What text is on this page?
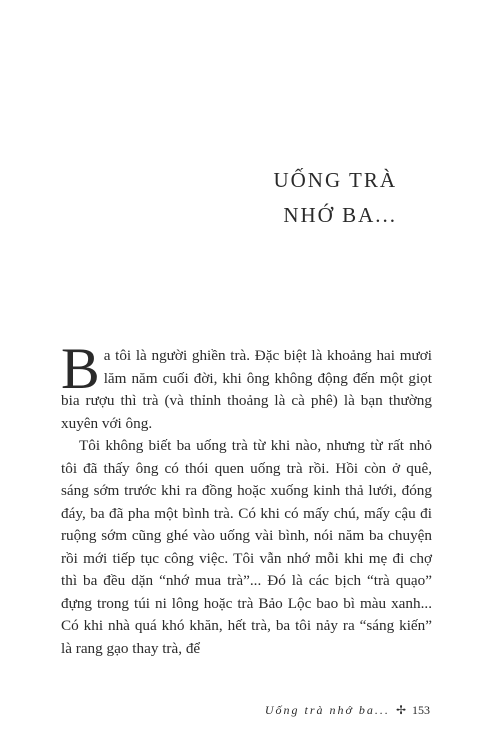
UỐNG TRÀ
NHỚ BA...

Ba tôi là người ghiền trà. Đặc biệt là khoảng hai mươi lăm năm cuối đời, khi ông không động đến một giọt bia rượu thì trà (và thỉnh thoảng là cà phê) là bạn thường xuyên với ông.

Tôi không biết ba uống trà từ khi nào, nhưng từ rất nhỏ tôi đã thấy ông có thói quen uống trà rồi. Hồi còn ở quê, sáng sớm trước khi ra đồng hoặc xuống kinh thả lưới, đóng đáy, ba đã pha một bình trà. Có khi có mấy chú, mấy cậu đi ruộng sớm cũng ghé vào uống vài bình, nói năm ba chuyện rồi mới tiếp tục công việc. Tôi vẫn nhớ mỗi khi mẹ đi chợ thì ba đều dặn “nhớ mua trà”... Đó là các bịch “trà quạo” đựng trong túi ni lông hoặc trà Bảo Lộc bao bì màu xanh... Có khi nhà quá khó khăn, hết trà, ba tôi nảy ra “sáng kiến” là rang gạo thay trà, để

Uống trà nhớ ba... ✢ 153
